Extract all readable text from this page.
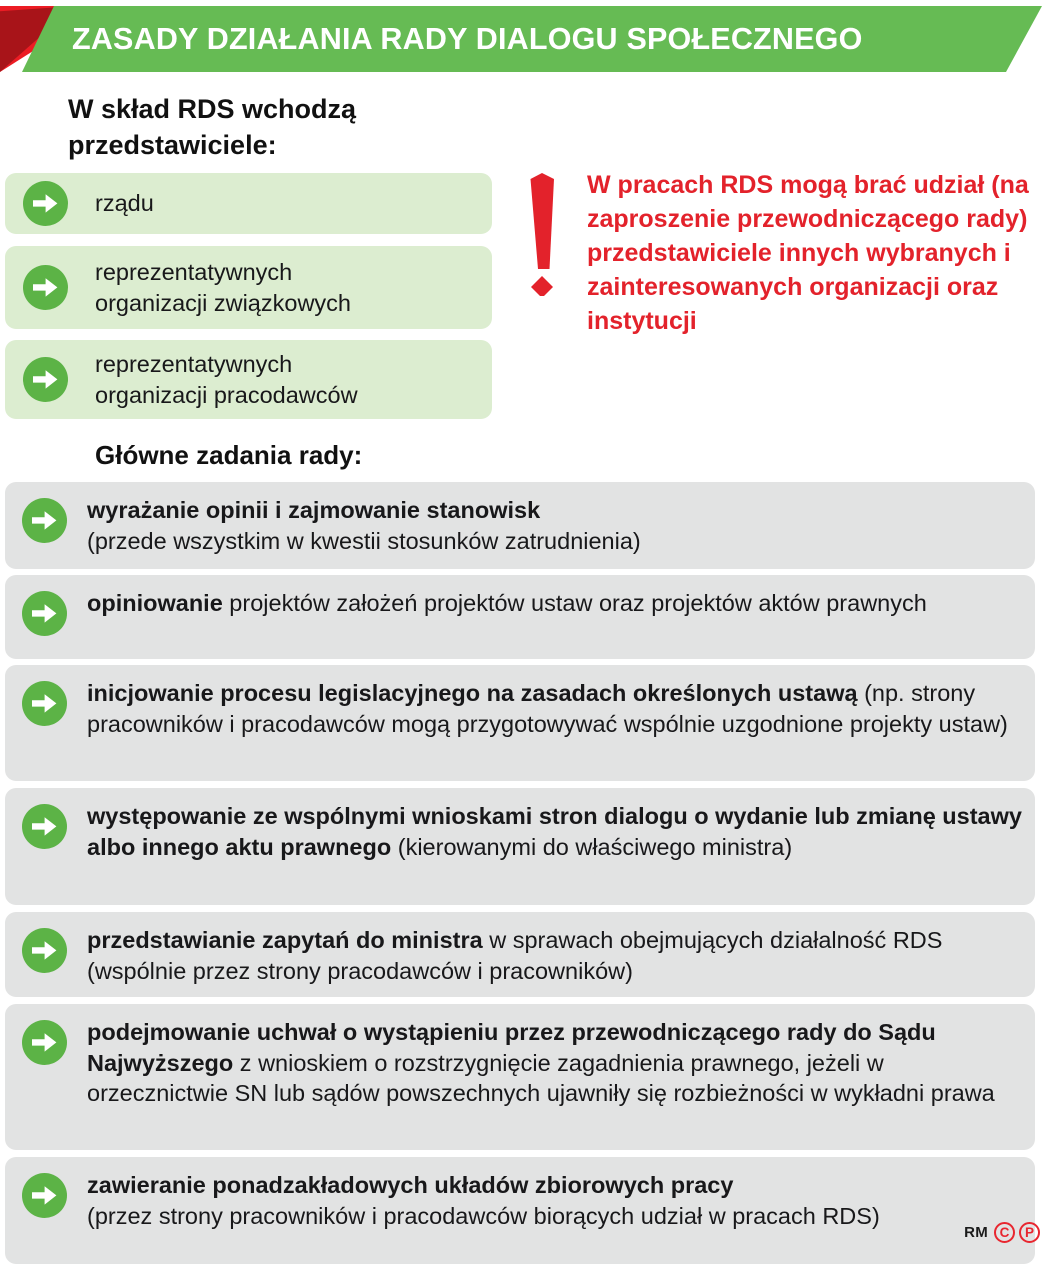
ZASADY DZIAŁANIA RADY DIALOGU SPOŁECZNEGO
W skład RDS wchodzą przedstawiciele:
rządu
reprezentatywnych
organizacji związkowych
reprezentatywnych
organizacji pracodawców
W pracach RDS mogą brać udział (na zaproszenie przewodniczącego rady) przedstawiciele innych wybranych i zainteresowanych organizacji oraz instytucji
Główne zadania rady:
wyrażanie opinii i zajmowanie stanowisk
(przede wszystkim w kwestii stosunków zatrudnienia)
opiniowanie projektów założeń projektów ustaw oraz projektów aktów prawnych
inicjowanie procesu legislacyjnego na zasadach określonych ustawą (np. strony pracowników i pracodawców mogą przygotowywać wspólnie uzgodnione projekty ustaw)
występowanie ze wspólnymi wnioskami stron dialogu o wydanie lub zmianę ustawy albo innego aktu prawnego (kierowanymi do właściwego ministra)
przedstawianie zapytań do ministra w sprawach obejmujących działalność RDS (wspólnie przez strony pracodawców i pracowników)
podejmowanie uchwał o wystąpieniu przez przewodniczącego rady do Sądu Najwyższego z wnioskiem o rozstrzygnięcie zagadnienia prawnego, jeżeli w orzecznictwie SN lub sądów powszechnych ujawniły się rozbieżności w wykładni prawa
zawieranie ponadzakładowych układów zbiorowych pracy
(przez strony pracowników i pracodawców biorących udział w pracach RDS)
RM C	P
